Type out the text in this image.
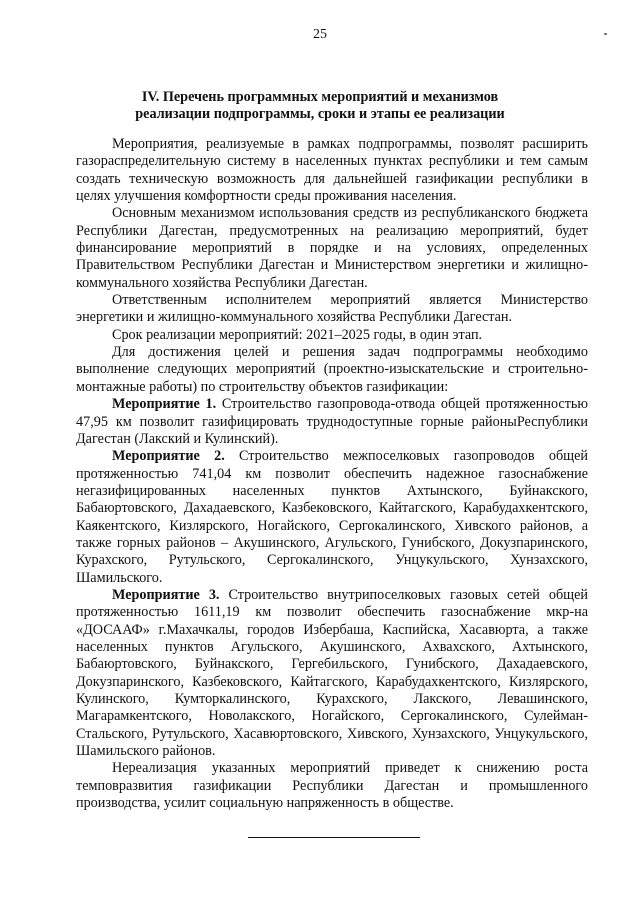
25
IV. Перечень программных мероприятий и механизмов
реализации подпрограммы, сроки и этапы ее реализации

Мероприятия, реализуемые в рамках подпрограммы, позволят расширить газораспределительную систему в населенных пунктах республики и тем самым создать техническую возможность для дальнейшей газификации республики в целях улучшения комфортности среды проживания населения.

Основным механизмом использования средств из республиканского бюджета Республики Дагестан, предусмотренных на реализацию мероприятий, будет финансирование мероприятий в порядке и на условиях, определенных Правительством Республики Дагестан и Министерством энергетики и жилищно-коммунального хозяйства Республики Дагестан.

Ответственным исполнителем мероприятий является Министерство энергетики и жилищно-коммунального хозяйства Республики Дагестан.

Срок реализации мероприятий: 2021–2025 годы, в один этап.

Для достижения целей и решения задач подпрограммы необходимо выполнение следующих мероприятий (проектно-изыскательские и строительно-монтажные работы) по строительству объектов газификации:

Мероприятие 1. Строительство газопровода-отвода общей протяженностью 47,95 км позволит газифицировать труднодоступные горные районыРеспублики Дагестан (Лакский и Кулинский).

Мероприятие 2. Строительство межпоселковых газопроводов общей протяженностью 741,04 км позволит обеспечить надежное газоснабжение негазифицированных населенных пунктов Ахтынского, Буйнакского, Бабаюртовского, Дахадаевского, Казбековского, Кайтагского, Карабудахкентского, Каякентского, Кизлярского, Ногайского, Сергокалинского, Хивского районов, а также горных районов – Акушинского, Агульского, Гунибского, Докузпаринского, Курахского, Рутульского, Сергокалинского, Унцукульского, Хунзахского, Шамильского.

Мероприятие 3. Строительство внутрипоселковых газовых сетей общей протяженностью 1611,19 км позволит обеспечить газоснабжение мкр-на «ДОСААФ» г.Махачкалы, городов Избербаша, Каспийска, Хасавюрта, а также населенных пунктов Агульского, Акушинского, Ахвахского, Ахтынского, Бабаюртовского, Буйнакского, Гергебильского, Гунибского, Дахадаевского, Докузпаринского, Казбековского, Кайтагского, Карабудахкентского, Кизлярского, Кулинского, Кумторкалинского, Курахского, Лакского, Левашинского, Магарамкентского, Новолакского, Ногайского, Сергокалинского, Сулейман-Стальского, Рутульского, Хасавюртовского, Хивского, Хунзахского, Унцукульского, Шамильского районов.

Нереализация указанных мероприятий приведет к снижению роста темповразвития газификации Республики Дагестан и промышленного производства, усилит социальную напряженность в обществе.
